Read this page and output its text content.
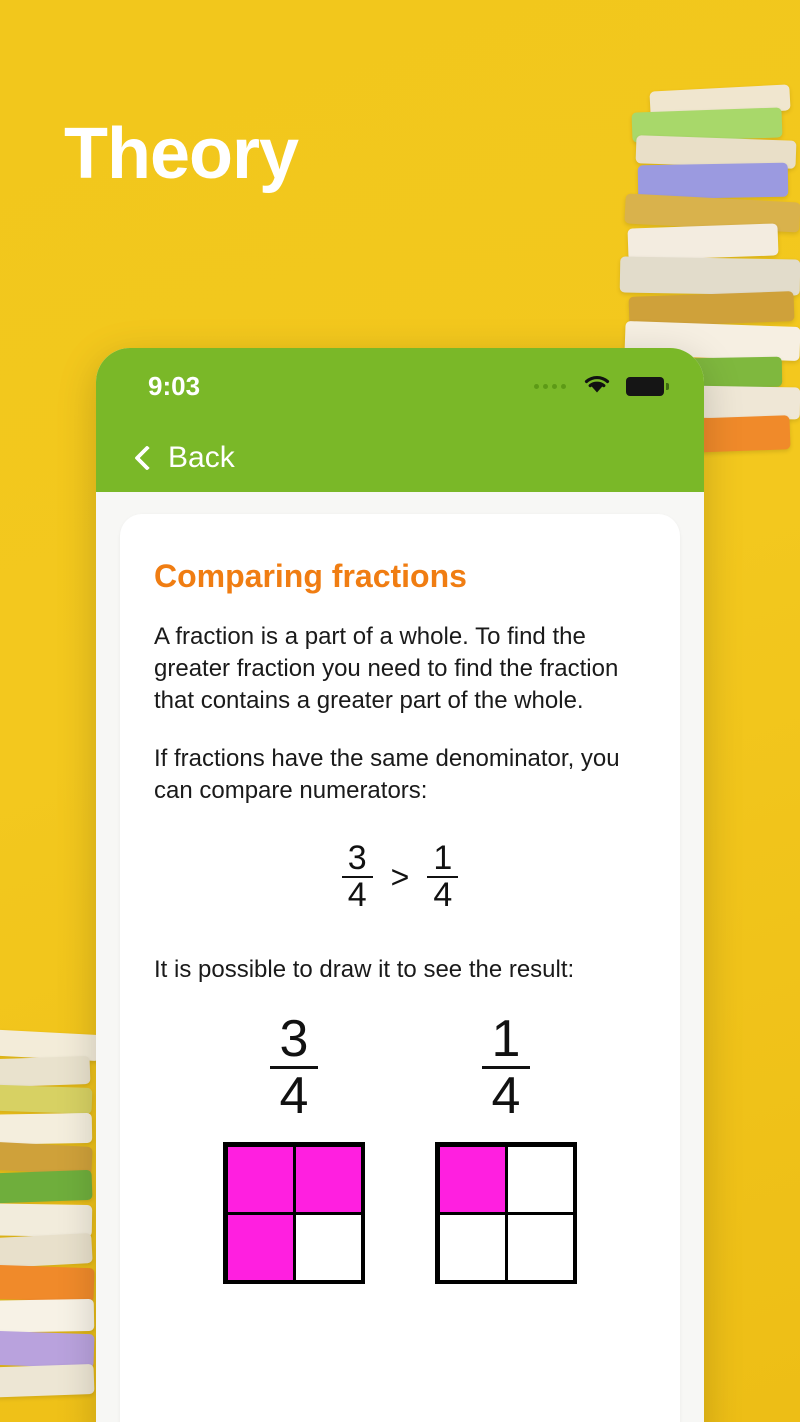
Theory
9:03
Back
Comparing fractions

A fraction is a part of a whole. To find the greater fraction you need to find the fraction that contains a greater part of the whole.

If fractions have the same denominator, you can compare numerators:

$\frac{3}{4} > \frac{1}{4}$

It is possible to draw it to see the result:

$\frac{3}{4}$	$\frac{1}{4}$
